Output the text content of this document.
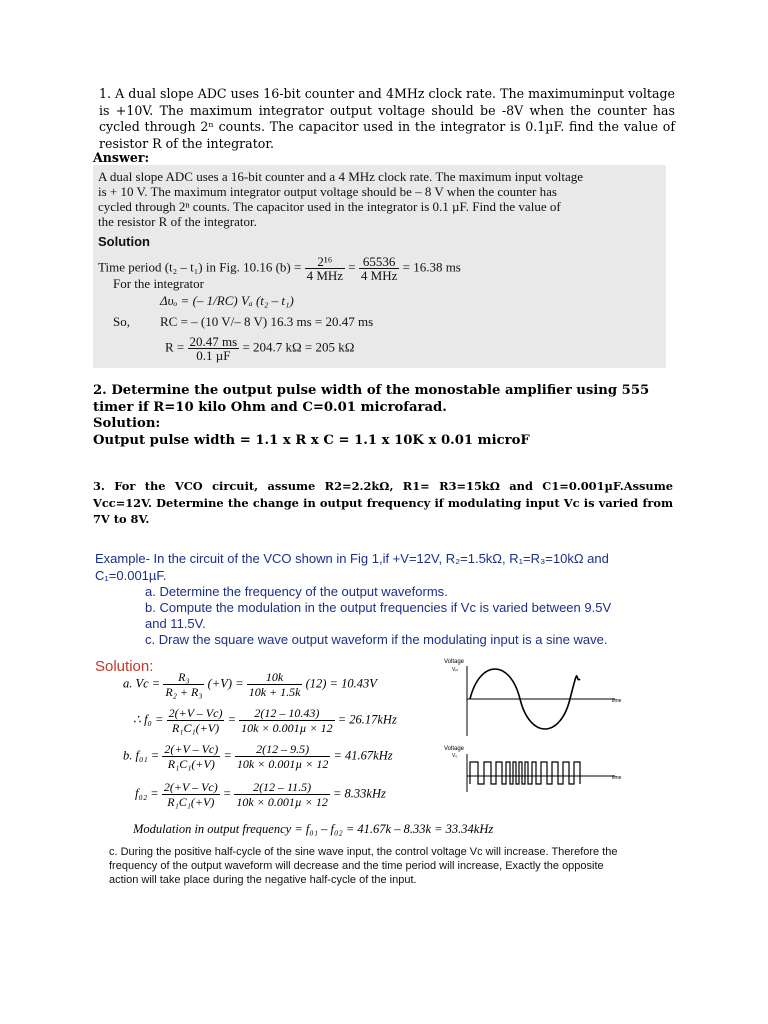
1. A dual slope ADC uses 16-bit counter and 4MHz clock rate. The maximuminput voltage is +10V. The maximum integrator output voltage should be -8V when the counter has cycled through 2ⁿ counts. The capacitor used in the integrator is 0.1µF. find the value of resistor R of the integrator.
Answer:
A dual slope ADC uses a 16-bit counter and a 4 MHz clock rate. The maximum input voltage
is + 10 V. The maximum integrator output voltage should be – 8 V when the counter has
cycled through 2ⁿ counts. The capacitor used in the integrator is 0.1 µF. Find the value of
the resistor R of the integrator.
Solution
Time period (t₂ – t₁) in Fig. 10.16 $(b) = \frac{\text{2¹⁶}}{\text{4 MHz}} = \frac{65536}{\text{4 MHz}} = 16.38$ ms
For the integrator
Δυₒ = (– 1/RC) Vₐ (t₂ – t₁)
So, RC = – (10 V/– 8 V) 16.3 ms = 20.47 ms
$R = \frac{20.47 ms}{\text{0.1 µF}} = 204.7$ kΩ = 205 kΩ
2. Determine the output pulse width of the monostable amplifier using 555 timer if R=10 kilo Ohm and C=0.01 microfarad.
Solution:
Output pulse width = 1.1 x R x C = 1.1 x 10K x 0.01 microF
3. For the VCO circuit, assume R2=2.2kΩ, R1= R3=15kΩ and C1=0.001µF.Assume Vcc=12V. Determine the change in output frequency if modulating input Vc is varied from 7V to 8V.
Example- In the circuit of the VCO shown in Fig 1,if +V=12V, R₂=1.5kΩ, R₁=R₃=10kΩ and C₁=0.001µF.
a. Determine the frequency of the output waveforms.
b. Compute the modulation in the output frequencies if Vc is varied between 9.5V and 11.5V.
c. Draw the square wave output waveform if the modulating input is a sine wave.
Solution:
a. $Vc = \frac{\text{R₃}}{\text{R₂ + R₃}} (+V) = \frac{10k}{10k + 1.5k} (12) = 10.43V$
∴ $f_0 = \frac{2(+V - Vc)}{\text{R₁C₁(+V)}}$ =	2(12 – 10.43)
10k × 0.001µ × 12
= 26.17kHz
b. $f_{01} = \frac{2(+V - Vc)}{\text{R₁C₁(+V)}}$ =	2(12 – 9.5)
10k × 0.001µ × 12
= 41.67kHz
$f_{02} = \frac{2(+V - Vc)}{\text{R₁C₁(+V)}}$ =	2(12 – 11.5)
10k × 0.001µ × 12
= 8.33kHz
Modulation in output frequency = f₀₁ – f₀₂ = 41.67k – 8.33k = 33.34kHz
Voltage
Vᵢₙ
time
Voltage
Vₒ
time
c. During the positive half-cycle of the sine wave input, the control voltage Vc will increase. Therefore the frequency of the output waveform will decrease and the time period will increase, Exactly the opposite action will take place during the negative half-cycle of the input.
